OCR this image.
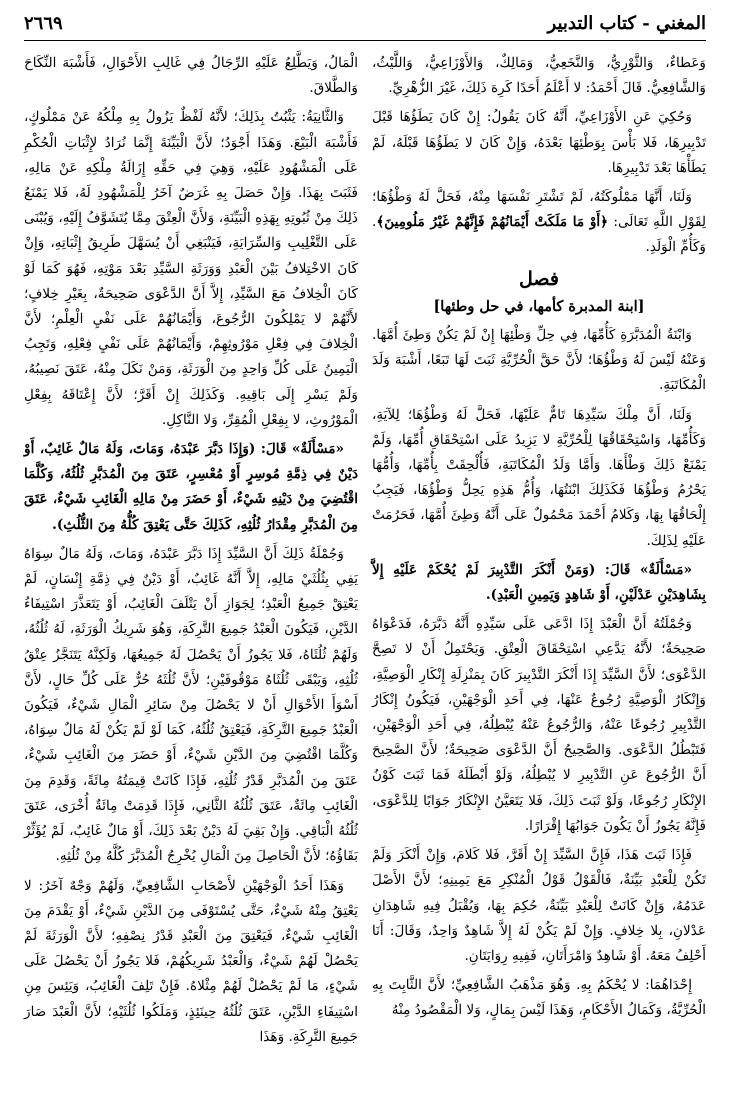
المغني - كتاب التدبير
٢٦٦٩

وَعَطاءٌ، وَالثَّوْرِيُّ، وَالنَّخَعِيُّ، وَمَالِكٌ، وَالأَوْزَاعِيُّ، وَاللَّيْثُ، وَالشَّافِعِيُّ. قَالَ أَحْمَدُ: لا أَعْلَمُ أَحَدًا كَرِهَ ذَلِكَ، غَيْرَ الزُّهْرِيِّ.

وَحُكِيَ عَنِ الأَوْزَاعِيِّ، أَنَّهُ كَانَ يَقُولُ: إِنْ كَانَ يَطَؤُهَا قَبْلَ تَدْبِيرِهَا، فَلا بَأْسَ بِوَطْئِهَا بَعْدَهُ، وَإِنْ كَانَ لا يَطَؤُهَا قَبْلَهُ، لَمْ يَطَأْهَا بَعْدَ تَدْبِيرِهَا.

وَلَنَا، أَنَّهَا مَمْلُوكَتُهُ، لَمْ تَشْتَرِ نَفْسَهَا مِنْهُ، فَحَلَّ لَهُ وَطْؤُهَا؛ لِقَوْلِ اللَّهِ تَعَالَى: ﴿أَوْ مَا مَلَكَتْ أَيْمَانُهُمْ فَإِنَّهُمْ غَيْرُ مَلُومِينَ﴾. وَكَأُمِّ الْوَلَدِ.

فصل
[ابنة المدبرة كأمها، في حل وطئها]

وَابْنَةُ الْمُدَبَّرَةِ كَأُمِّهَا، فِي حِلِّ وَطْئِهَا إِنْ لَمْ يَكُنْ وَطِئَ أُمَّهَا. وَعَنْهُ لَيْسَ لَهُ وَطْؤُهَا؛ لأَنَّ حَقَّ الْحُرِّيَّةِ ثَبَتَ لَهَا تَبَعًا، أَشْبَهَ وَلَدَ الْمُكَاتَبَةِ.

وَلَنَا، أَنَّ مِلْكَ سَيِّدِهَا تَامٌّ عَلَيْهَا، فَحَلَّ لَهُ وَطْؤُهَا؛ لِلآيَةِ، وَكَأُمِّهَا، وَاسْتِحْقَاقُهَا لِلْحُرِّيَّةِ لا يَزِيدُ عَلَى اسْتِحْقَاقِ أُمِّهَا، وَلَمْ يَمْنَعْ ذَلِكَ وَطْأَهَا. وَأَمَّا وَلَدُ الْمُكَاتَبَةِ، فَأُلْحِقَتْ بِأُمِّهَا، وَأُمُّهَا يَحْرُمُ وَطْؤُهَا فَكَذَلِكَ ابْنَتُهَا، وَأُمُّ هَذِهِ يَحِلُّ وَطْؤُهَا، فَيَجِبُ إِلْحَاقُهَا بِهَا، وَكَلامُ أَحْمَدَ مَحْمُولٌ عَلَى أَنَّهُ وَطِئَ أُمَّهَا، فَحَرُمَتْ عَلَيْهِ لِذَلِكَ.

«مَسْأَلَةٌ» قَالَ: (وَمَنْ أَنْكَرَ التَّدْبِيرَ لَمْ يُحْكَمْ عَلَيْهِ إِلاَّ بِشَاهِدَيْنِ عَدْلَيْنِ، أَوْ شَاهِدٍ وَيَمِينِ الْعَبْدِ).

وَجُمْلَتُهُ أَنَّ الْعَبْدَ إِذَا ادَّعَى عَلَى سَيِّدِهِ أَنَّهُ دَبَّرَهُ، فَدَعْوَاهُ صَحِيحَةٌ؛ لأَنَّهُ يَدَّعِي اسْتِحْقَاقَ الْعِتْقِ. وَيَحْتَمِلُ أَنْ لا تَصِحَّ الدَّعْوَى؛ لأَنَّ السَّيِّدَ إِذَا أَنْكَرَ التَّدْبِيرَ كَانَ بِمَنْزِلَةِ إِنْكَارِ الْوَصِيَّةِ، وَإِنْكَارُ الْوَصِيَّةِ رُجُوعٌ عَنْهَا، فِي أَحَدِ الْوَجْهَيْنِ، فَيَكُونُ إِنْكَارُ التَّدْبِيرِ رُجُوعًا عَنْهُ، وَالرُّجُوعُ عَنْهُ يُبْطِلُهُ، فِي أَحَدِ الْوَجْهَيْنِ، فَتَبْطُلُ الدَّعْوَى. وَالصَّحِيحُ أَنَّ الدَّعْوَى صَحِيحَةٌ؛ لأَنَّ الصَّحِيحَ أَنَّ الرُّجُوعَ عَنِ التَّدْبِيرِ لا يُبْطِلُهُ، وَلَوْ أَبْطَلَهُ فَمَا ثَبَتَ كَوْنُ الإِنْكَارِ رُجُوعًا، وَلَوْ ثَبَتَ ذَلِكَ، فَلا يَتَعَيَّنُ الإِنْكَارُ جَوَابًا لِلدَّعْوَى، فَإِنَّهُ يَجُوزُ أَنْ يَكُونَ جَوَابُهَا إِقْرَارًا.

فَإِذَا ثَبَتَ هَذَا، فَإِنَّ السَّيِّدَ إِنْ أَقَرَّ، فَلا كَلامَ، وَإِنْ أَنْكَرَ وَلَمْ تَكُنْ لِلْعَبْدِ بَيِّنَةٌ، فَالْقَوْلُ قَوْلُ الْمُنْكِرِ مَعَ يَمِينِهِ؛ لأَنَّ الأَصْلَ عَدَمُهُ، وَإِنْ كَانَتْ لِلْعَبْدِ بَيِّنَةٌ، حُكِمَ بِهَا، وَيُقْبَلُ فِيهِ شَاهِدَانِ عَدْلانِ، بِلا خِلافٍ. وَإِنْ لَمْ يَكُنْ لَهُ إِلاَّ شَاهِدٌ وَاحِدٌ، وَقَالَ: أَنَا أَحْلِفُ مَعَهُ. أَوْ شَاهِدٌ وَامْرَأَتَانِ، فَفِيهِ رِوَايَتَانِ.

إِحْدَاهُمَا: لا يُحْكَمُ بِهِ. وَهُوَ مَذْهَبُ الشَّافِعِيِّ؛ لأَنَّ الثَّابِتَ بِهِ الْحُرِّيَّةُ، وَكَمَالُ الأَحْكَامِ، وَهَذَا لَيْسَ بِمَالٍ، وَلا الْمَقْصُودُ مِنْهُ

الْمَالُ، وَيَطَّلِعُ عَلَيْهِ الرِّجَالُ فِي غَالِبِ الأَحْوَالِ، فَأَشْبَهَ النِّكَاحَ وَالطَّلاقَ.

وَالثَّانِيَةُ: يَثْبُتُ بِذَلِكَ؛ لأَنَّهُ لَفْظٌ يَزُولُ بِهِ مِلْكُهُ عَنْ مَمْلُوكٍ، فَأَشْبَهَ الْبَيْعَ. وَهَذَا أَجْوَدُ؛ لأَنَّ الْبَيِّنَةَ إِنَّمَا نُرَادُ لإِثْبَاتِ الْحُكْمِ عَلَى الْمَشْهُودِ عَلَيْهِ، وَهِيَ فِي حَقِّهِ إِزَالَةُ مِلْكِهِ عَنْ مَالِهِ، فَثَبَتَ بِهَذَا. وَإِنْ حَصَلَ بِهِ غَرَضٌ آخَرُ لِلْمَشْهُودِ لَهُ، فَلا يَمْنَعُ ذَلِكَ مِنْ ثُبُوتِهِ بِهَذِهِ الْبَيِّنَةِ، وَلأَنَّ الْعِتْقَ مِمَّا يُتَشَوَّفُ إِلَيْهِ، وَيُبْنَى عَلَى التَّغْلِيبِ وَالسِّرَايَةِ، فَيَنْبَغِي أَنْ يُسَهَّلَ طَرِيقُ إِثْبَاتِهِ، وَإِنْ كَانَ الاخْتِلافُ بَيْنَ الْعَبْدِ وَوَرَثَةِ السَّيِّدِ بَعْدَ مَوْتِهِ، فَهُوَ كَمَا لَوْ كَانَ الْخِلافُ مَعَ السَّيِّدِ، إِلاَّ أَنَّ الدَّعْوَى صَحِيحَةٌ، بِغَيْرِ خِلافٍ؛ لأَنَّهُمْ لا يَمْلِكُونَ الرُّجُوعَ، وَأَيْمَانُهُمْ عَلَى نَفْيِ الْعِلْمِ؛ لأَنَّ الْخِلافَ فِي فِعْلِ مَوْرُوثِهِمْ، وَأَيْمَانُهُمْ عَلَى نَفْيِ فِعْلِهِ، وَتَجِبُ الْيَمِينُ عَلَى كُلِّ وَاحِدٍ مِنَ الْوَرَثَةِ، وَمَنْ نَكَلَ مِنْهُ، عَتَقَ نَصِيبُهُ، وَلَمْ يَسْرِ إِلَى بَاقِيهِ. وَكَذَلِكَ إِنْ أَقَرَّ؛ لأَنَّ إِعْتَاقَهُ بِفِعْلِ الْمَوْرُوثِ، لا بِفِعْلِ الْمُقِرِّ، وَلا النَّاكِلِ.

«مَسْأَلَةٌ» قَالَ: (وَإِذَا دَبَّرَ عَبْدَهُ، وَمَاتَ، وَلَهُ مَالٌ غَائِبٌ، أَوْ دَيْنٌ فِي ذِمَّةِ مُوسِرٍ أَوْ مُعْسِرٍ، عَتَقَ مِنَ الْمُدَبَّرِ ثُلُثُهُ، وَكُلَّمَا اقْتُضِيَ مِنْ دَيْنِهِ شَيْءٌ، أَوْ حَضَرَ مِنْ مَالِهِ الْغَائِبِ شَيْءٌ، عَتَقَ مِنَ الْمُدَبَّرِ مِقْدَارُ ثُلُثِهِ، كَذَلِكَ حَتَّى يَعْتِقَ كُلُّهُ مِنَ الثُّلُثِ).

وَجُمْلَةُ ذَلِكَ أَنَّ السَّيِّدَ إِذَا دَبَّرَ عَبْدَهُ، وَمَاتَ، وَلَهُ مَالٌ سِوَاهُ يَفِي بِثُلُثَيْ مَالِهِ، إِلاَّ أَنَّهُ غَائِبٌ، أَوْ دَيْنٌ فِي ذِمَّةِ إِنْسَانٍ، لَمْ يَعْتِقْ جَمِيعُ الْعَبْدِ؛ لِجَوَازِ أَنْ يَتْلَفَ الْغَائِبُ، أَوْ يَتَعَذَّرَ اسْتِيفَاءُ الدَّيْنِ، فَيَكُونَ الْعَبْدُ جَمِيعَ التَّرِكَةِ، وَهُوَ شَرِيكُ الْوَرَثَةِ، لَهُ ثُلُثُهُ، وَلَهُمْ ثُلُثَاهُ، فَلا يَجُوزُ أَنْ يَحْصُلَ لَهُ جَمِيعُهَا، وَلَكِنَّهُ يَتَنَجَّزُ عِتْقُ ثُلُثِهِ، وَيَبْقَى ثُلُثَاهُ مَوْقُوفَيْنِ؛ لأَنَّ ثُلُثَهُ حُرٌّ عَلَى كُلِّ حَالٍ، لأَنَّ أَسْوَأَ الأَحْوَالِ أَنْ لا يَحْصُلَ مِنْ سَائِرِ الْمَالِ شَيْءٌ، فَيَكُونَ الْعَبْدُ جَمِيعَ التَّرِكَةِ، فَيَعْتِقُ ثُلُثُهُ، كَمَا لَوْ لَمْ يَكُنْ لَهُ مَالٌ سِوَاهُ، وَكُلَّمَا اقْتُضِيَ مِنَ الدَّيْنِ شَيْءٌ، أَوْ حَضَرَ مِنَ الْغَائِبِ شَيْءٌ، عَتَقَ مِنَ الْمُدَبَّرِ قَدْرُ ثُلُثِهِ، فَإِذَا كَانَتْ قِيمَتُهُ مِائَةً، وَقَدِمَ مِنَ الْغَائِبِ مِائَةٌ، عَتَقَ ثُلُثُهُ الثَّانِي، فَإِذَا قَدِمَتْ مِائَةٌ أُخْرَى، عَتَقَ ثُلُثُهُ الْبَاقِي. وَإِنْ بَقِيَ لَهُ دَيْنٌ بَعْدَ ذَلِكَ، أَوْ مَالٌ غَائِبٌ، لَمْ يُؤَثِّرْ بَقَاؤُهُ؛ لأَنَّ الْحَاصِلَ مِنَ الْمَالِ يُخْرِجُ الْمُدَبَّرَ كُلَّهُ مِنْ ثُلُثِهِ.

وَهَذَا أَحَدُ الْوَجْهَيْنِ لأَصْحَابِ الشَّافِعِيِّ، وَلَهُمْ وَجْهٌ آخَرُ: لا يَعْتِقُ مِنْهُ شَيْءٌ، حَتَّى يُسْتَوْفَى مِنَ الدَّيْنِ شَيْءٌ، أَوْ يَقْدَمَ مِنَ الْغَائِبِ شَيْءٌ، فَيَعْتِقَ مِنَ الْعَبْدِ قَدْرُ نِصْفِهِ؛ لأَنَّ الْوَرَثَةَ لَمْ يَحْصُلْ لَهُمْ شَيْءٌ، وَالْعَبْدُ شَرِيكُهُمْ، فَلا يَجُوزُ أَنْ يَحْصُلَ عَلَى شَيْءٍ، مَا لَمْ يَحْصُلْ لَهُمْ مِثْلاهُ. فَإِنْ تَلِفَ الْغَائِبُ، وَيَئِسَ مِنِ اسْتِيفَاءِ الدَّيْنِ، عَتَقَ ثُلُثُهُ حِينَئِذٍ، وَمَلَكُوا ثُلُثَيْهِ؛ لأَنَّ الْعَبْدَ صَارَ جَمِيعَ التَّرِكَةِ. وَهَذَا
